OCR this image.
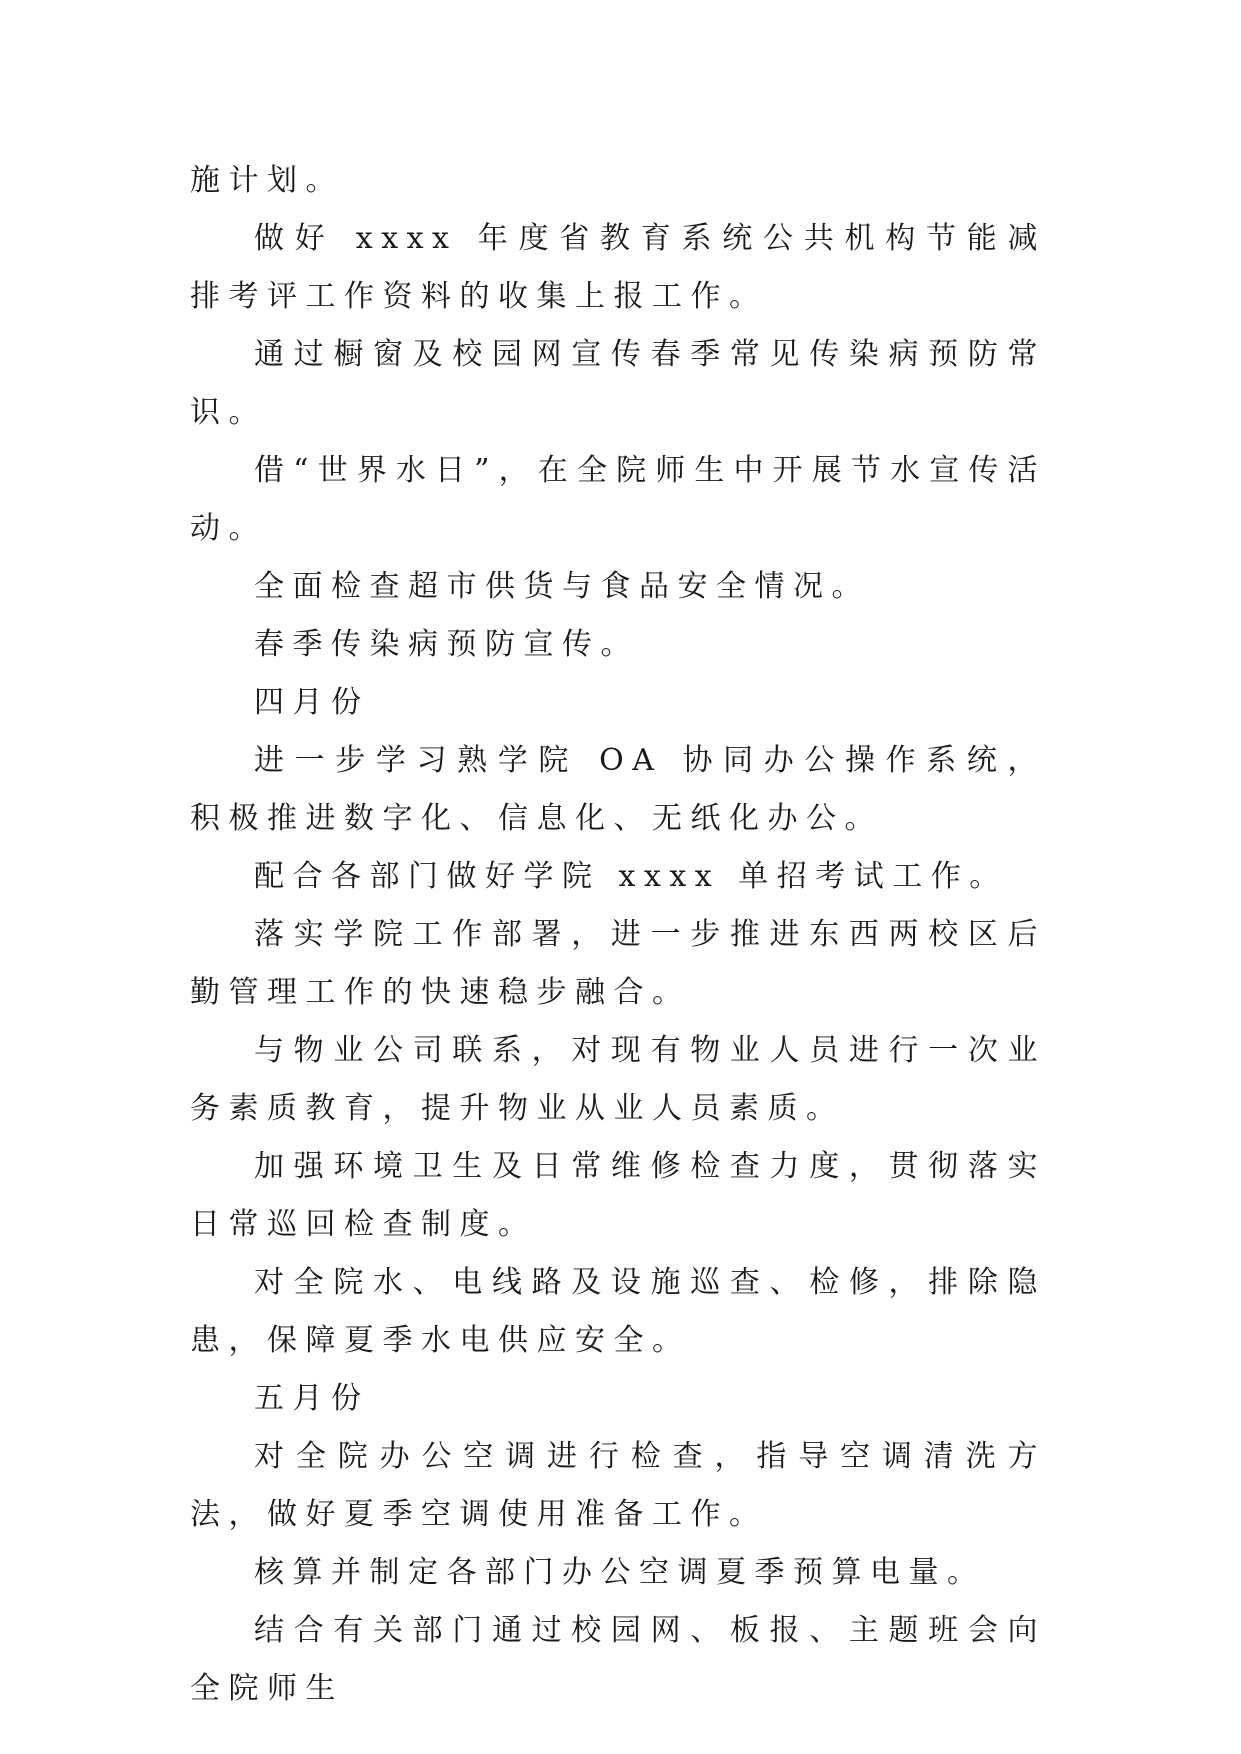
施计划。

做好 xxxx 年度省教育系统公共机构节能减排考评工作资料的收集上报工作。

通过橱窗及校园网宣传春季常见传染病预防常识。

借“世界水日”，在全院师生中开展节水宣传活动。

全面检查超市供货与食品安全情况。

春季传染病预防宣传。

四月份

进一步学习熟学院 OA 协同办公操作系统，积极推进数字化、信息化、无纸化办公。

配合各部门做好学院 xxxx 单招考试工作。

落实学院工作部署，进一步推进东西两校区后勤管理工作的快速稳步融合。

与物业公司联系，对现有物业人员进行一次业务素质教育，提升物业从业人员素质。

加强环境卫生及日常维修检查力度，贯彻落实日常巡回检查制度。

对全院水、电线路及设施巡查、检修，排除隐患，保障夏季水电供应安全。

五月份

对全院办公空调进行检查，指导空调清洗方法，做好夏季空调使用准备工作。

核算并制定各部门办公空调夏季预算电量。

结合有关部门通过校园网、板报、主题班会向全院师生
